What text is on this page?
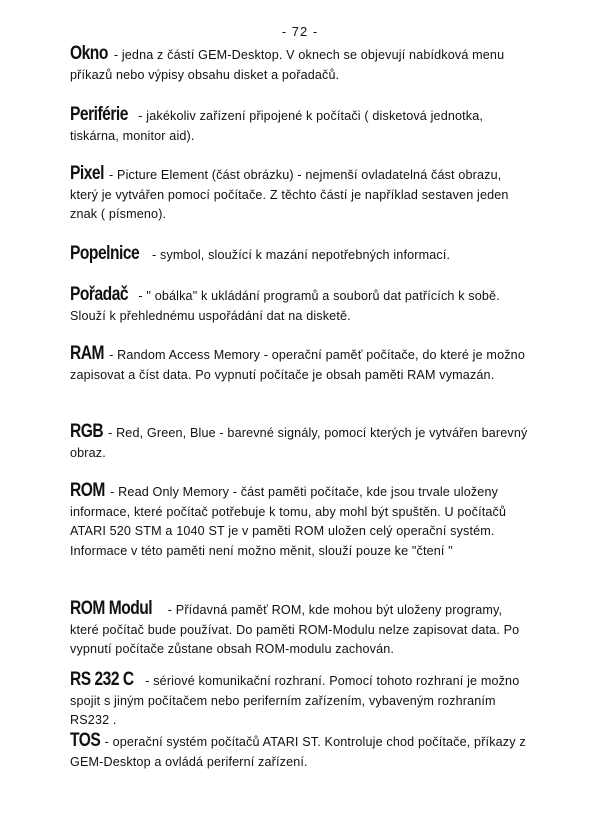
- 72 -
Okno - jedna z částí GEM-Desktop. V oknech se objevují nabídková menu příkazů nebo výpisy obsahu disket a pořadačů.
Periférie - jakékoliv zařízení připojené k počítači ( disketová jednotka, tiskárna, monitor aid).
Pixel - Picture Element (část obrázku) - nejmenší ovladatelná část obrazu, který je vytvářen pomocí počítače. Z těchto částí je například sestaven jeden znak ( písmeno).
Popelnice - symbol, sloužící k mazání nepotřebných informací.
Pořadač - " obálka" k ukládání programů a souborů dat patřících k sobě. Slouží k přehlednému uspořádání dat na disketě.
RAM - Random Access Memory - operační paměť počítače, do které je možno zapisovat a číst data. Po vypnutí počítače je obsah paměti RAM vymazán.
RGB - Red, Green, Blue - barevné signály, pomocí kterých je vytvářen barevný obraz.
ROM - Read Only Memory - část paměti počítače, kde jsou trvale uloženy informace, které počítač potřebuje k tomu, aby mohl být spuštěn. U počítačů ATARI 520 STM a 1040 ST je v paměti ROM uložen celý operační systém. Informace v této paměti není možno měnit, slouží pouze ke "čtení "
ROM Modul - Přídavná paměť ROM, kde mohou být uloženy programy, které počítač bude používat. Do paměti ROM-Modulu nelze zapisovat data. Po vypnutí počítače zůstane obsah ROM-modulu zachován.
RS 232 C - sériové komunikační rozhraní. Pomocí tohoto rozhraní je možno spojit s jiným počítačem nebo periferním zařízením, vybaveným rozhraním RS232 .
TOS - operační systém počítačů ATARI ST. Kontroluje chod počítače, příkazy z GEM-Desktop a ovládá periferní zařízení.
